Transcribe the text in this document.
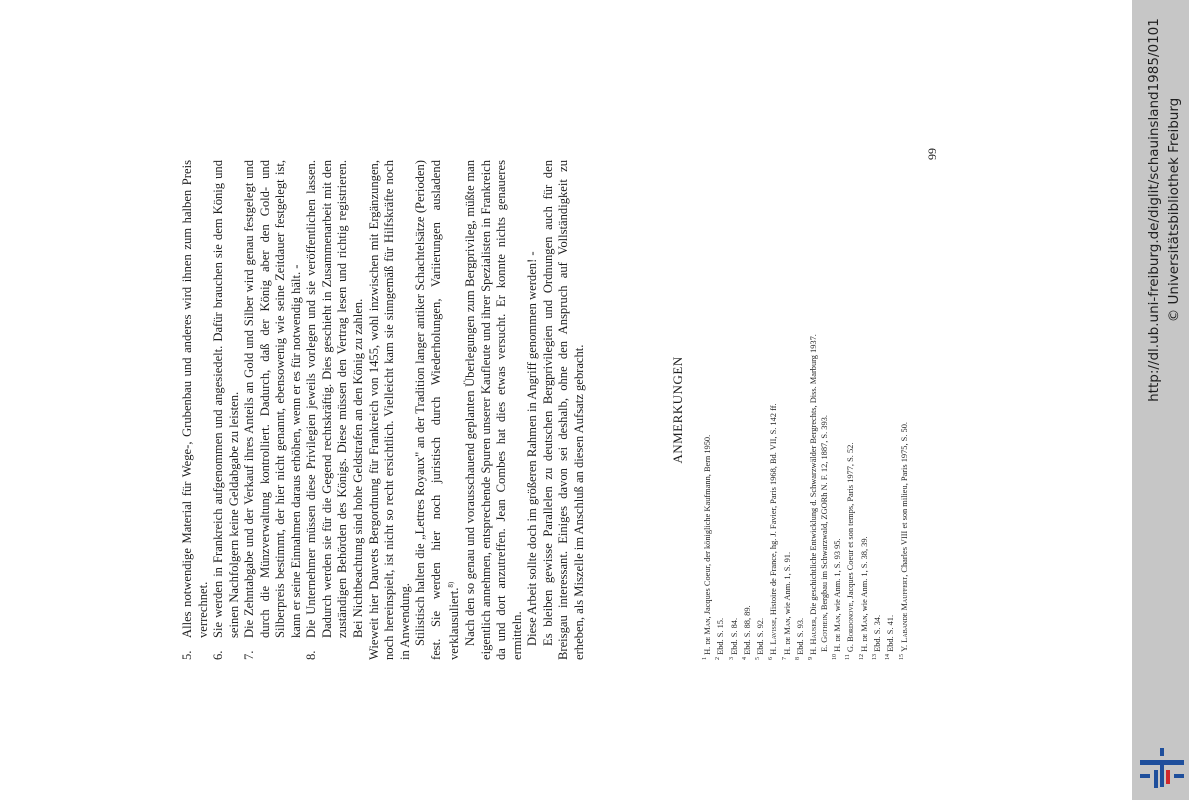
5.
Alles notwendige Material für Wege-, Grubenbau und anderes wird ihnen zum halben Preis verrechnet.
6.
Sie werden in Frankreich aufgenommen und angesiedelt. Dafür brauchen sie dem König und seinen Nachfolgern keine Geldabgabe zu leisten.
7.
Die Zehntabgabe und der Verkauf ihres Anteils an Gold und Silber wird genau festgelegt und durch die Münzverwaltung kontrolliert. Dadurch, daß der König aber den Gold- und Silberpreis bestimmt, der hier nicht genannt, ebensowenig wie seine Zeitdauer festgelegt ist, kann er seine Einnahmen daraus erhöhen, wenn er es für notwendig hält. -
8.
Die Unternehmer müssen diese Privilegien jeweils vorlegen und sie veröffentlichen lassen. Dadurch werden sie für die Gegend rechtskräftig. Dies geschieht in Zusammenarbeit mit den zuständigen Behörden des Königs. Diese müssen den Vertrag lesen und richtig registrieren. Bei Nichtbeachtung sind hohe Geldstrafen an den König zu zahlen. Wieweit hier Dauvets Bergordnung für Frankreich von 1455, wohl inzwischen mit Ergänzungen, noch hereinspielt, ist nicht so recht ersichtlich. Vielleicht kam sie sinngemäß für Hilfskräfte noch in Anwendung. Stilistisch halten die „Lettres Royaux" an der Tradition langer antiker Schachtelsätze (Perioden) fest. Sie werden hier noch juristisch durch Wiederholungen, Variierungen ausladend verklausuliert.$^{8)}$ Nach den so genau und vorausschauend geplanten Überlegungen zum Bergprivileg, müßte man eigentlich annehmen, entsprechende Spuren unserer Kaufleute und ihrer Spezialisten in Frankreich da und dort anzutreffen. Jean Combes hat dies etwas versucht. Er konnte nichts genaueres ermitteln. Diese Arbeit sollte doch im größeren Rahmen in Angriff genommen werden! - Es bleiben gewisse Parallelen zu deutschen Bergprivilegien und Ordnungen auch für den Breisgau interessant. Einiges davon sei deshalb, ohne den Anspruch auf Vollständigkeit zu erheben, als Miszelle im Anschluß an diesen Aufsatz gebracht.	ANMERKUNGEN
$^1$ H. de Man, Jacques Coeur, der königliche Kaufmann, Bern 1950.
$^2$ Ebd. S. 15.
$^3$ Ebd. S. 84.
$^4$ Ebd. S. 88, 89.
$^5$ Ebd. S. 92.
$^6$ H. Lavisse, Histoire de France, hg. J. Favier, Paris 1968, Bd. VII, S. 142 ff.
$^7$ H. de Man, wie Anm. 1, S. 91.
$^8$ Ebd. S. 93.
$^9$ H. Hauser, Die geschichtliche Entwicklung d. Schwarzwälder Bergrechts, Diss. Marburg 1937.
E. Gothein, Bergbau im Schwarzwald, ZGORh N. F. 12, 1887, S. 393.
$^{10}$ H. de Man, wie Anm. 1, S. 93 95.
$^{11}$ G. Bordonove, Jacques Coeur et son temps, Paris 1977, S. 52.
$^{12}$ H. de Man, wie Anm. 1, S. 38, 39.
$^{13}$ Ebd. S. 34.
$^{14}$ Ebd. S. 41.
$^{15}$ Y. Labande Mauffert, Charles VIII et son milieu, Paris 1975, S. 50.
99	http://dl.ub.uni-freiburg.de/diglit/schauinsland1985/0101 © Universitätsbibliothek Freiburg
